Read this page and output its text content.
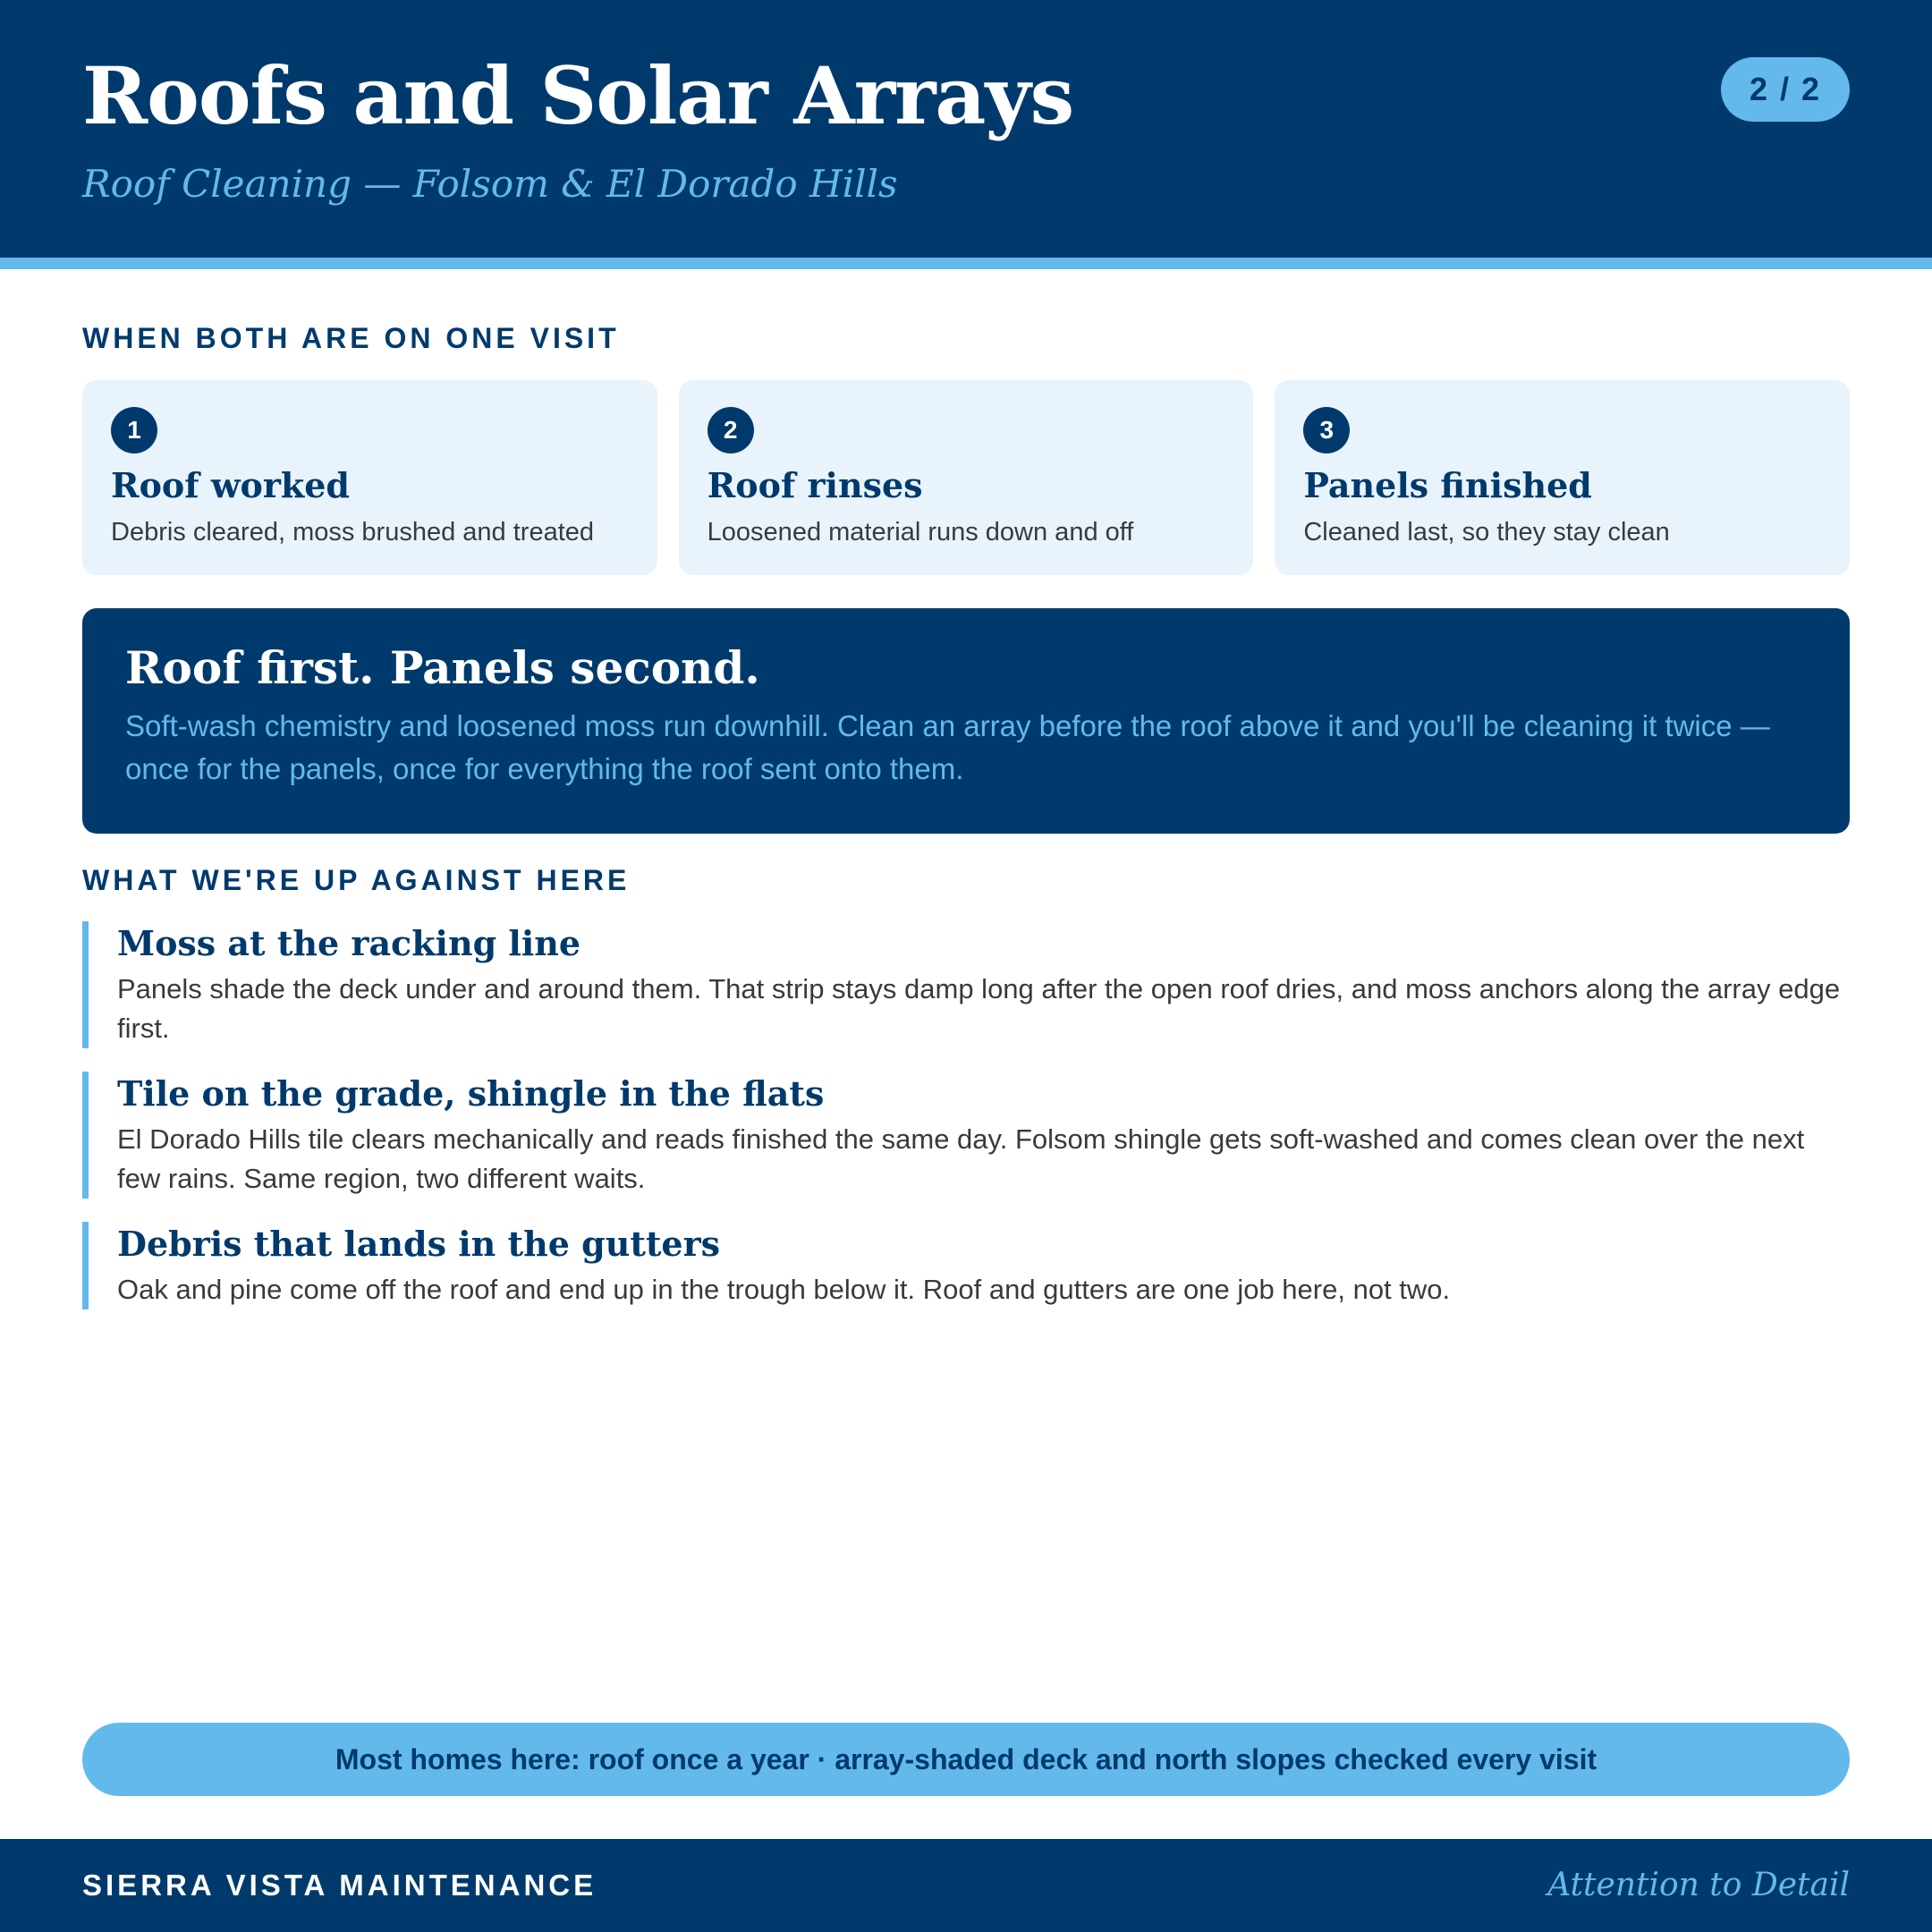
Roofs and Solar Arrays

Roof Cleaning — Folsom & El Dorado Hills

2 / 2
WHEN BOTH ARE ON ONE VISIT
1
Roof worked

Debris cleared, moss brushed and treated

2
Roof rinses

Loosened material runs down and off

3
Panels finished

Cleaned last, so they stay clean

Roof first. Panels second.

Soft-wash chemistry and loosened moss run downhill. Clean an array before the roof above it and you'll be cleaning it twice — once for the panels, once for everything the roof sent onto them.

WHAT WE'RE UP AGAINST HERE
Moss at the racking line

Panels shade the deck under and around them. That strip stays damp long after the open roof dries, and moss anchors along the array edge first.

Tile on the grade, shingle in the flats

El Dorado Hills tile clears mechanically and reads finished the same day. Folsom shingle gets soft-washed and comes clean over the next few rains. Same region, two different waits.

Debris that lands in the gutters

Oak and pine come off the roof and end up in the trough below it. Roof and gutters are one job here, not two.

Most homes here: roof once a year · array-shaded deck and north slopes checked every visit

SIERRA VISTA MAINTENANCE	Attention to Detail
